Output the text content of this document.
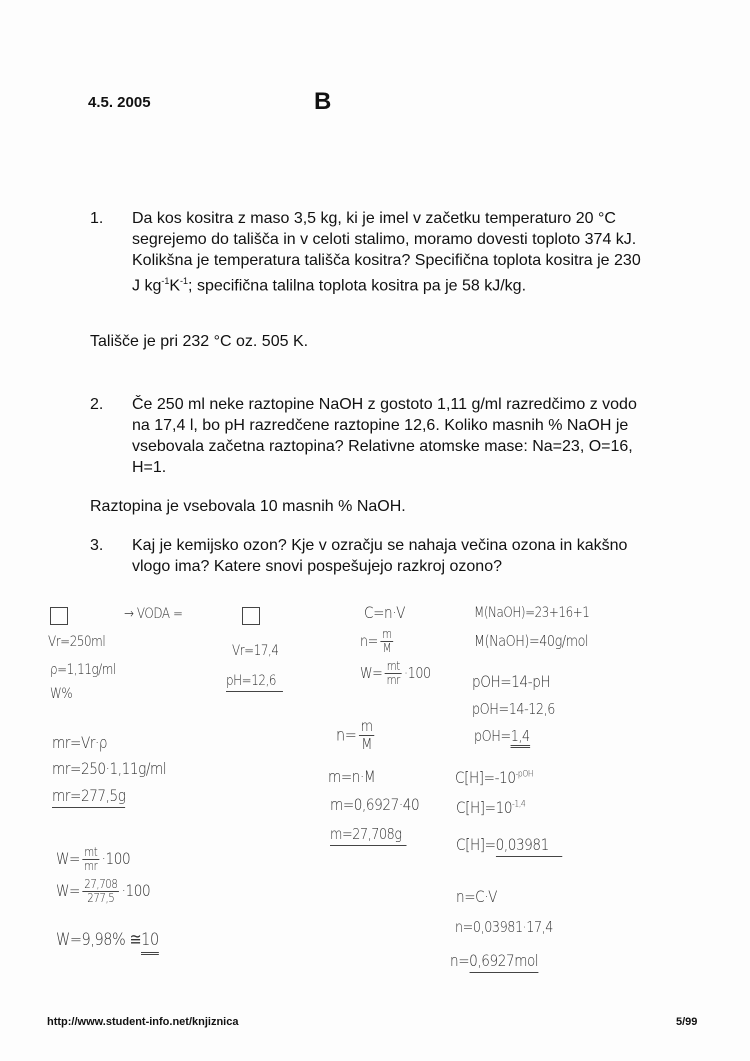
4.5. 2005	B
1. Da kos kositra z maso 3,5 kg, ki je imel v začetku temperaturo 20 °C segrejemo do tališča in v celoti stalimo, moramo dovesti toploto 374 kJ. Kolikšna je temperatura tališča kositra? Specifična toplota kositra je 230 J $kg^{-1}K^{-1}$; specifična talilna toplota kositra pa je 58 kJ/kg.
Tališče je pri 232 °C oz. 505 K.
2. Če 250 ml neke raztopine NaOH z gostoto 1,11 g/ml razredčimo z vodo na 17,4 l, bo pH razredčene raztopine 12,6. Koliko masnih % NaOH je vsebovala začetna raztopina? Relativne atomske mase: Na=23, O=16, H=1.
Raztopina je vsebovala 10 masnih % NaOH.
3. Kaj je kemijsko ozon? Kje v ozračju se nahaja večina ozona in kakšno vlogo ima? Katere snovi pospešujejo razkroj ozono?
→ VODA =
Vr=250ml
ρ=1,11g/ml
W%
mr=Vr·ρ
mr=250·1,11g/ml
mr=277,5g
$W= \frac{mt}{mr} \cdot 100$
$W= \frac{27,708}{277,5} \cdot 100$
W=9,98% ≅10
Vr=17,4
pH=12,6
C=n·V
$n= \frac{m}{M}$
$W= \frac{mt}{mr} \cdot 100$
$n= \frac{m}{M}$
m=n·M
m=0,6927·40
m=27,708g
M(NaOH)=23+16+1
M(NaOH)=40g/mol
pOH=14-pH
pOH=14-12,6
pOH=1,4
$C[H]=-10^{-pOH}$
$C[H]=10^{-1,4}$
C[H]=0,03981
n=C·V
n=0,03981·17,4
n=0,6927mol
http://www.student-info.net/knjiznica	5/99
